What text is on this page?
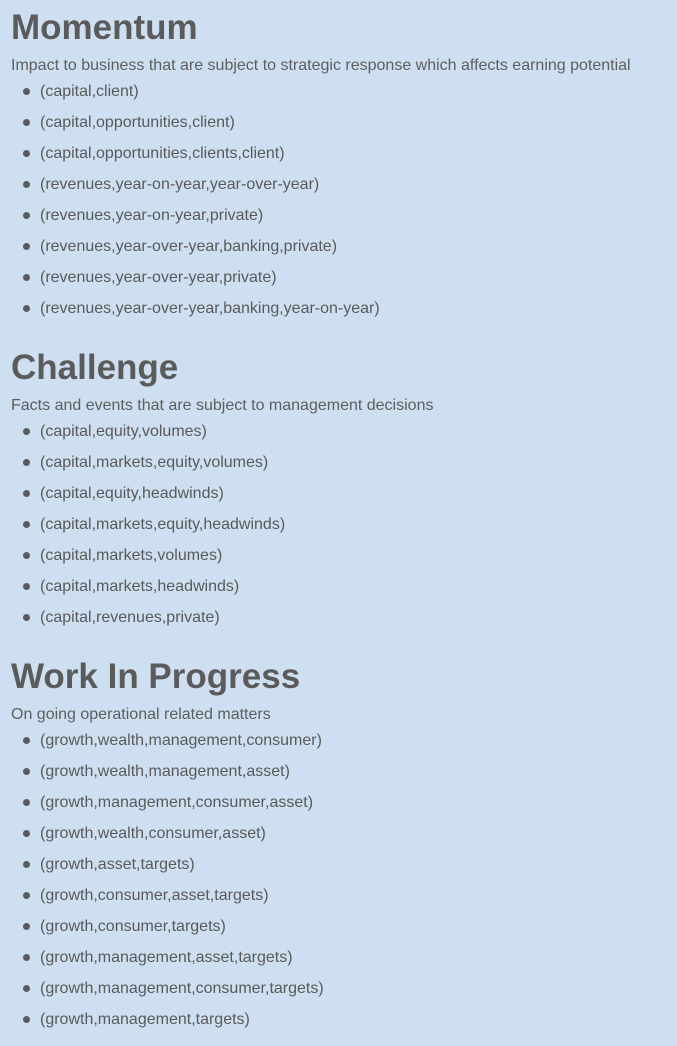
Momentum

Impact to business that are subject to strategic response which affects earning potential

(capital,client)
(capital,opportunities,client)
(capital,opportunities,clients,client)
(revenues,year-on-year,year-over-year)
(revenues,year-on-year,private)
(revenues,year-over-year,banking,private)
(revenues,year-over-year,private)
(revenues,year-over-year,banking,year-on-year)
Challenge

Facts and events that are subject to management decisions

(capital,equity,volumes)
(capital,markets,equity,volumes)
(capital,equity,headwinds)
(capital,markets,equity,headwinds)
(capital,markets,volumes)
(capital,markets,headwinds)
(capital,revenues,private)
Work In Progress

On going operational related matters

(growth,wealth,management,consumer)
(growth,wealth,management,asset)
(growth,management,consumer,asset)
(growth,wealth,consumer,asset)
(growth,asset,targets)
(growth,consumer,asset,targets)
(growth,consumer,targets)
(growth,management,asset,targets)
(growth,management,consumer,targets)
(growth,management,targets)
